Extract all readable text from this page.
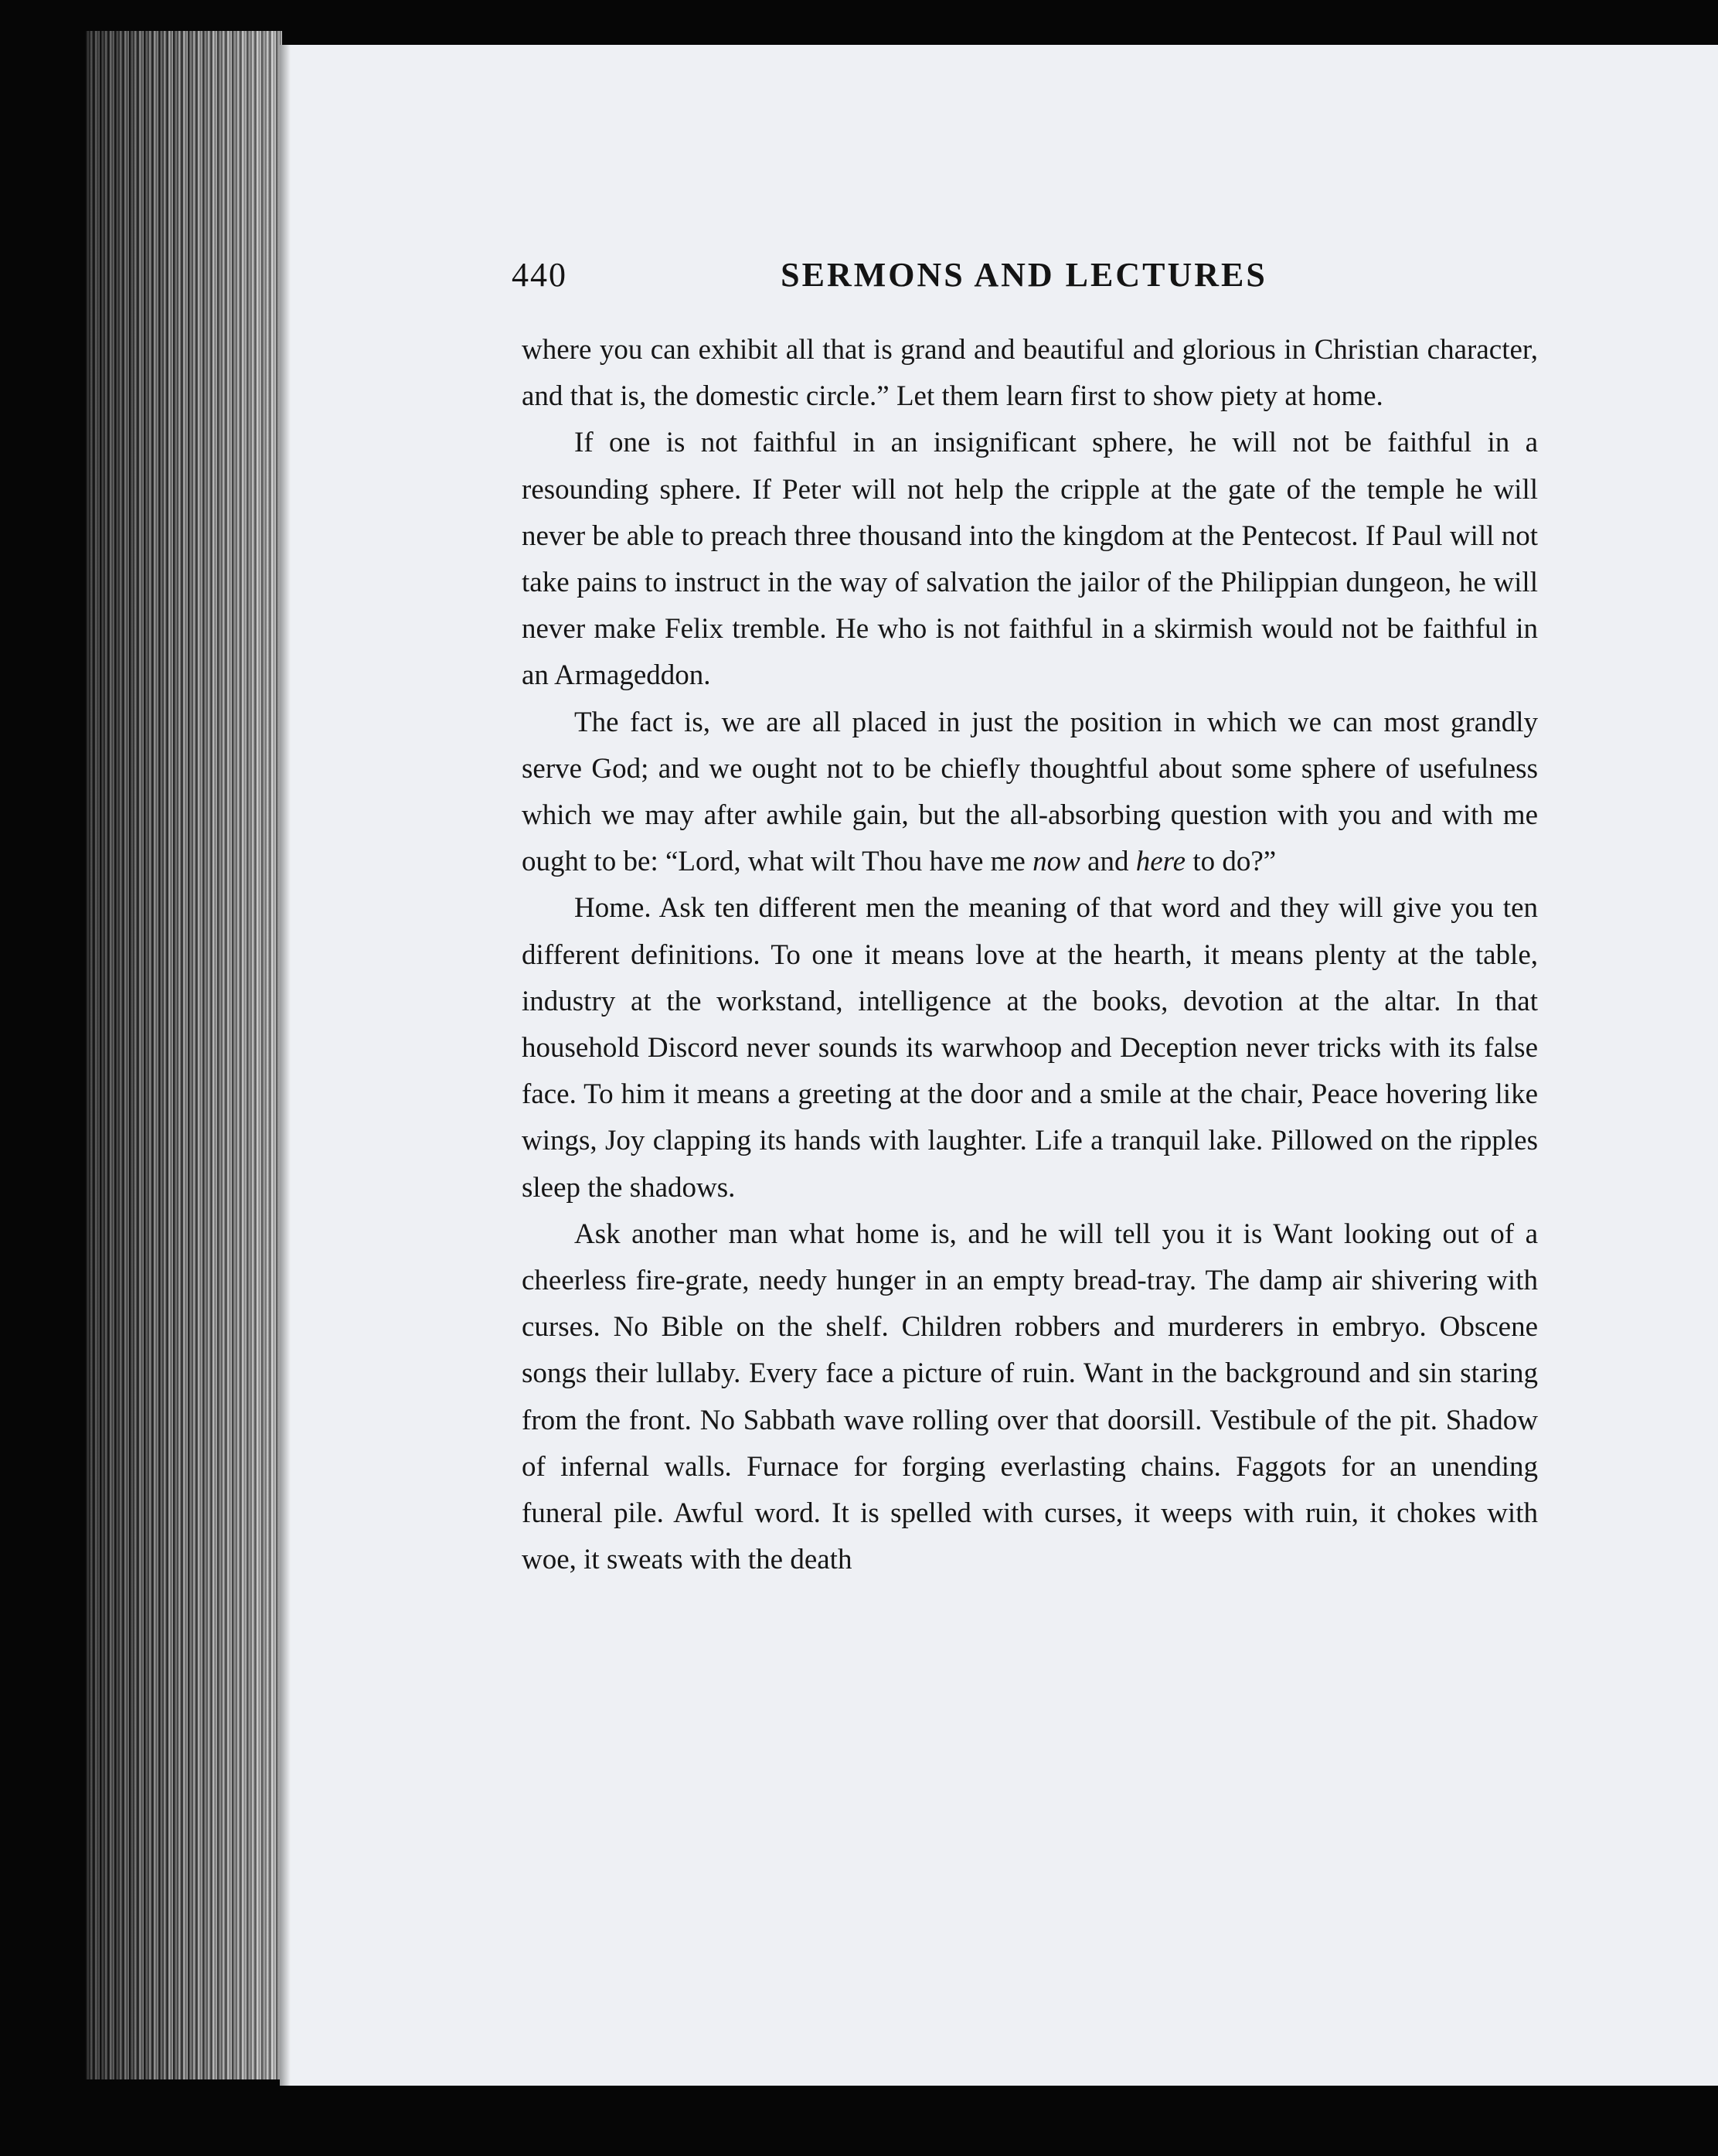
440	SERMONS AND LECTURES

where you can exhibit all that is grand and beautiful and glorious in Christian character, and that is, the domestic circle.” Let them learn first to show piety at home.

If one is not faithful in an insignificant sphere, he will not be faithful in a resounding sphere. If Peter will not help the cripple at the gate of the temple he will never be able to preach three thousand into the kingdom at the Pentecost. If Paul will not take pains to instruct in the way of salvation the jailor of the Philippian dungeon, he will never make Felix tremble. He who is not faithful in a skirmish would not be faithful in an Armageddon.

The fact is, we are all placed in just the position in which we can most grandly serve God; and we ought not to be chiefly thoughtful about some sphere of usefulness which we may after awhile gain, but the all-absorbing question with you and with me ought to be: “Lord, what wilt Thou have me now and here to do?”

Home. Ask ten different men the meaning of that word and they will give you ten different definitions. To one it means love at the hearth, it means plenty at the table, industry at the workstand, intelligence at the books, devotion at the altar. In that household Discord never sounds its warwhoop and Deception never tricks with its false face. To him it means a greeting at the door and a smile at the chair, Peace hovering like wings, Joy clapping its hands with laughter. Life a tranquil lake. Pillowed on the ripples sleep the shadows.

Ask another man what home is, and he will tell you it is Want looking out of a cheerless fire-grate, needy hunger in an empty bread-tray. The damp air shivering with curses. No Bible on the shelf. Children robbers and murderers in embryo. Obscene songs their lullaby. Every face a picture of ruin. Want in the background and sin staring from the front. No Sabbath wave rolling over that doorsill. Vestibule of the pit. Shadow of infernal walls. Furnace for forging everlasting chains. Faggots for an unending funeral pile. Awful word. It is spelled with curses, it weeps with ruin, it chokes with woe, it sweats with the death
